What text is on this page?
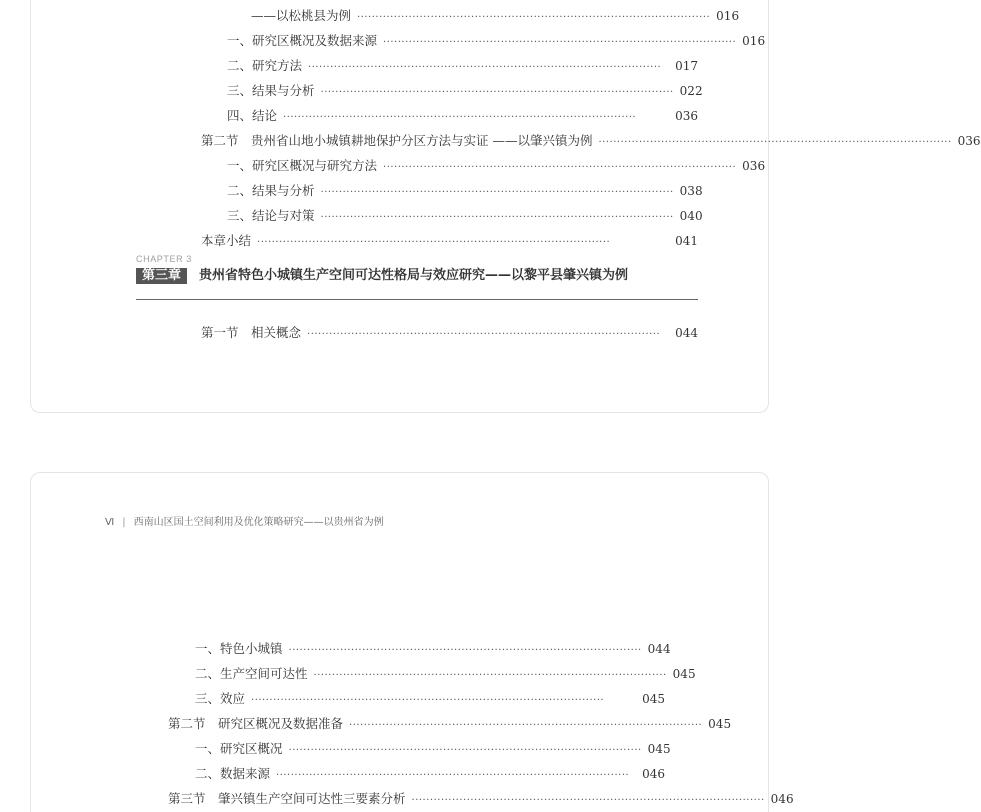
——以松桃县为例 ································································································ 016
一、研究区概况及数据来源 ································································································ 016
二、研究方法 ································································································	017
三、结果与分析 ································································································ 022
四、结论 ································································································	036
第二节　贵州省山地小城镇耕地保护分区方法与实证 ——以肇兴镇为例 ································································································ 036
一、研究区概况与研究方法 ································································································ 036
二、结果与分析 ································································································ 038
三、结论与对策 ································································································ 040
本章小结 ································································································	041
CHAPTER 3
第三章	贵州省特色小城镇生产空间可达性格局与效应研究——以黎平县肇兴镇为例
第一节　相关概念 ································································································	044
Ⅵ | 西南山区国土空间利用及优化策略研究——以贵州省为例
一、特色小城镇 ································································································ 044
二、生产空间可达性 ································································································ 045
三、效应 ································································································	045
第二节　研究区概况及数据准备 ································································································ 045
一、研究区概况 ································································································ 045
二、数据来源 ································································································	046
第三节　肇兴镇生产空间可达性三要素分析 ································································································ 046
